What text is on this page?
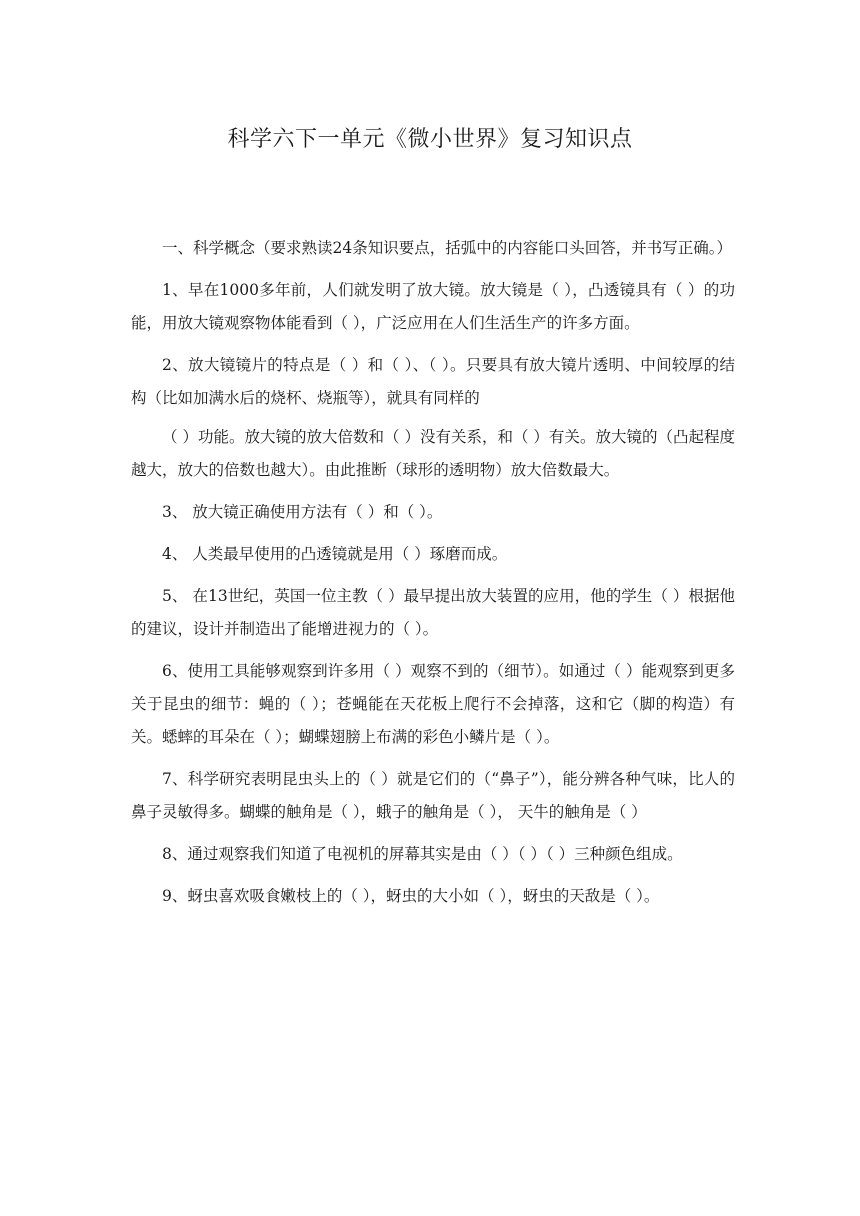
科学六下一单元《微小世界》复习知识点

一、科学概念（要求熟读24条知识要点，括弧中的内容能口头回答，并书写正确。）

1、早在1000多年前，人们就发明了放大镜。放大镜是（ ），凸透镜具有（ ）的功能，用放大镜观察物体能看到（ ），广泛应用在人们生活生产的许多方面。

2、放大镜镜片的特点是（ ）和（ ）、（ ）。只要具有放大镜片透明、中间较厚的结构（比如加满水后的烧杯、烧瓶等），就具有同样的

（ ）功能。放大镜的放大倍数和（ ）没有关系，和（ ）有关。放大镜的（凸起程度越大，放大的倍数也越大）。由此推断（球形的透明物）放大倍数最大。

3、 放大镜正确使用方法有（ ）和（ ）。

4、 人类最早使用的凸透镜就是用（ ）琢磨而成。

5、 在13世纪，英国一位主教（ ）最早提出放大装置的应用，他的学生（ ）根据他的建议，设计并制造出了能增进视力的（ ）。

6、使用工具能够观察到许多用（ ）观察不到的（细节）。如通过（ ）能观察到更多关于昆虫的细节：蝇的（ ）；苍蝇能在天花板上爬行不会掉落，这和它（脚的构造）有关。蟋蟀的耳朵在（ ）；蝴蝶翅膀上布满的彩色小鳞片是（ ）。

7、科学研究表明昆虫头上的（ ）就是它们的（“鼻子”），能分辨各种气味，比人的鼻子灵敏得多。蝴蝶的触角是（ ），蛾子的触角是（ ）， 天牛的触角是（ ）

8、通过观察我们知道了电视机的屏幕其实是由（ ）（ ）（ ）三种颜色组成。

9、蚜虫喜欢吸食嫩枝上的（ ），蚜虫的大小如（ ），蚜虫的天敌是（ ）。
